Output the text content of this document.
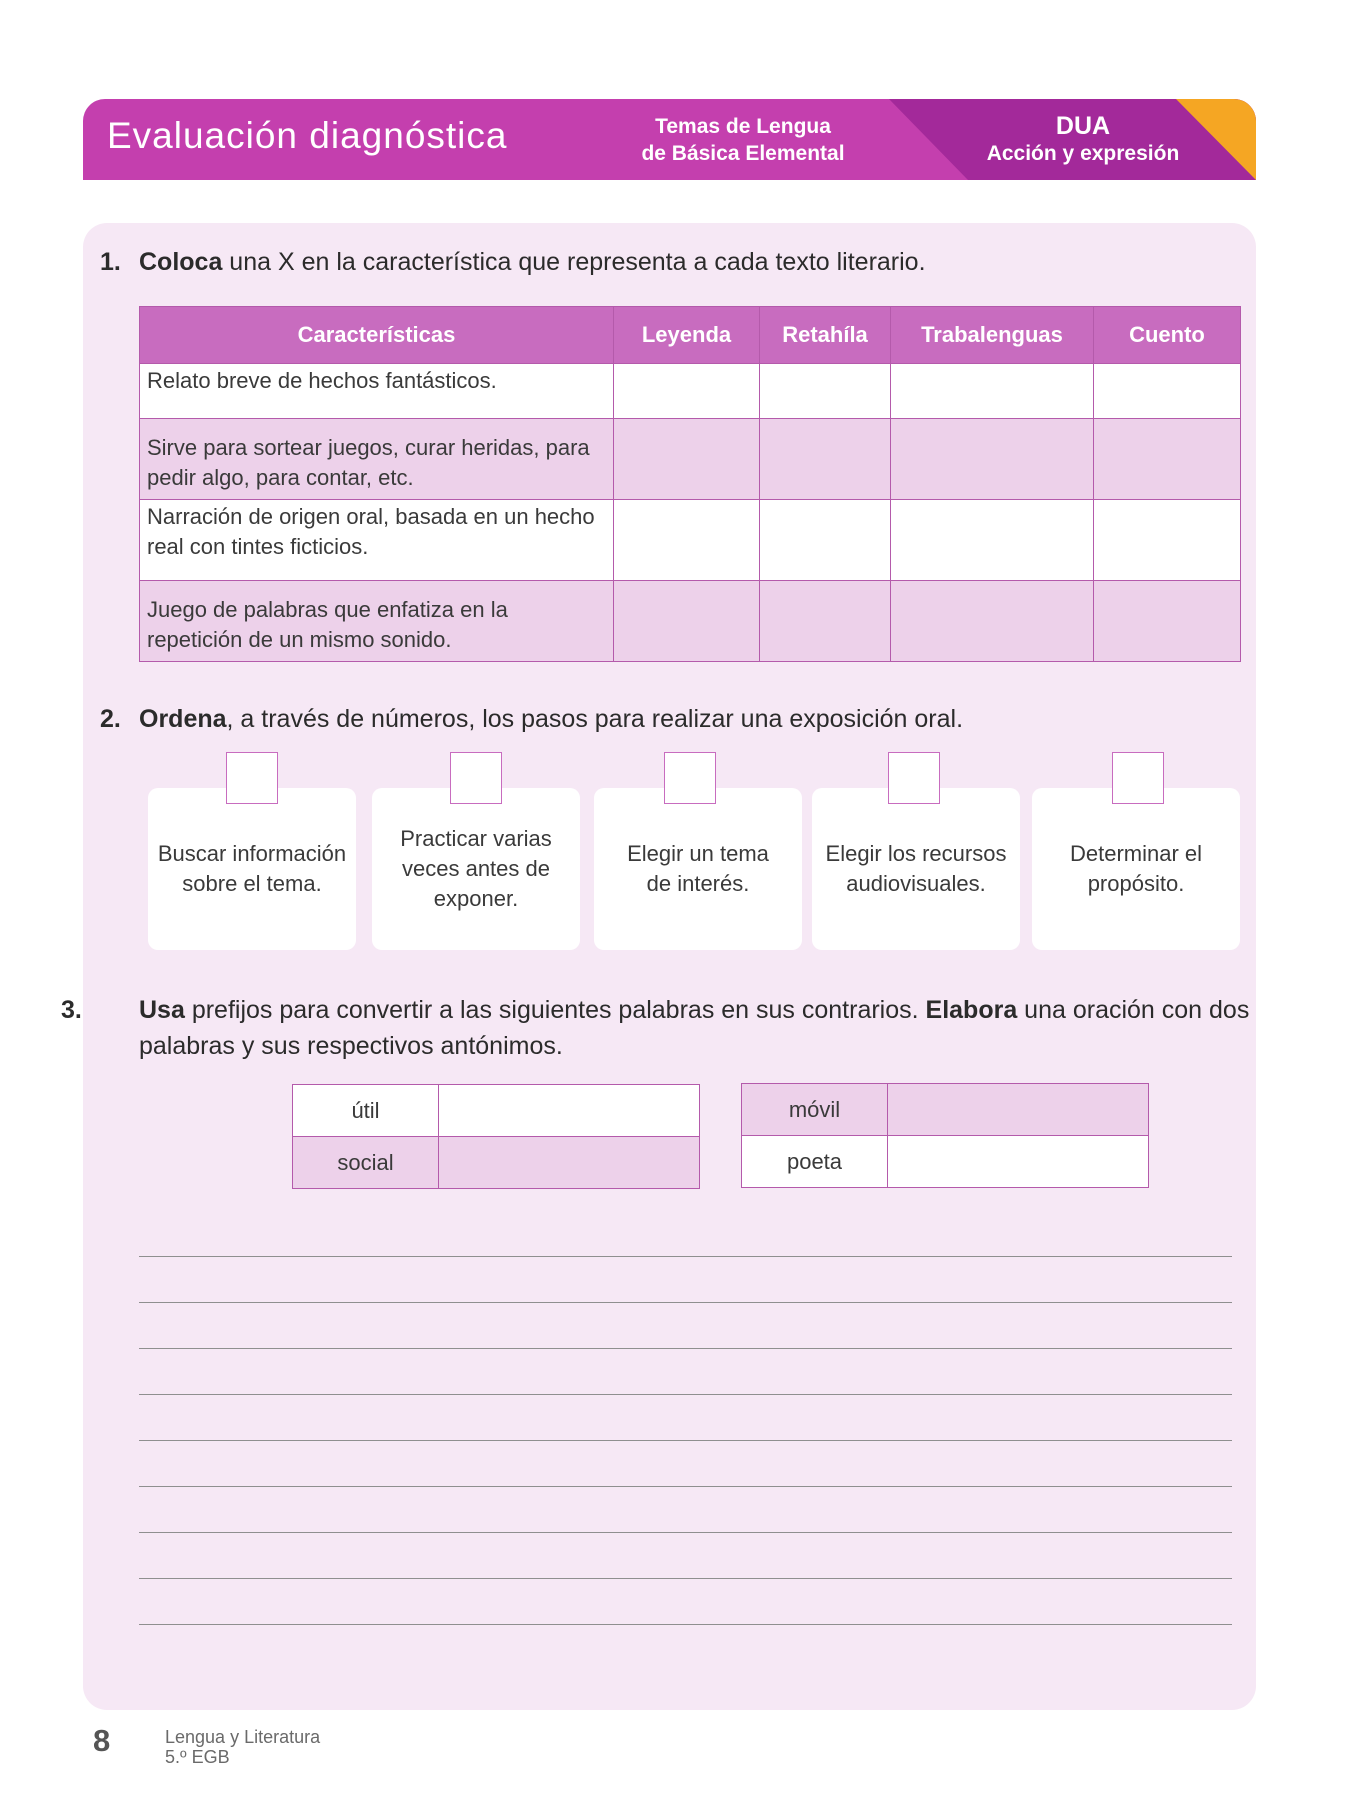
Evaluación diagnóstica	Temas de Lengua
de Básica Elemental
DUA
Acción y expresión
1. Coloca una X en la característica que representa a cada texto literario.
Características	Leyenda	Retahíla	Trabalenguas	Cuento
Relato breve de hechos fantásticos.				
Sirve para sortear juegos, curar heridas, para pedir algo, para contar, etc.				
Narración de origen oral, basada en un hecho real con tintes ficticios.				
Juego de palabras que enfatiza en la repetición de un mismo sonido.				
2. Ordena, a través de números, los pasos para realizar una exposición oral.
Buscar información sobre el tema.
Practicar varias veces antes de exponer.
Elegir un tema de interés.
Elegir los recursos audiovisuales.
Determinar el propósito.
3. Usa prefijos para convertir a las siguientes palabras en sus contrarios. Elabora una oración con dos palabras y sus respectivos antónimos.
útil	
social	
móvil	
poeta	
8	Lengua y Literatura
5.º EGB
